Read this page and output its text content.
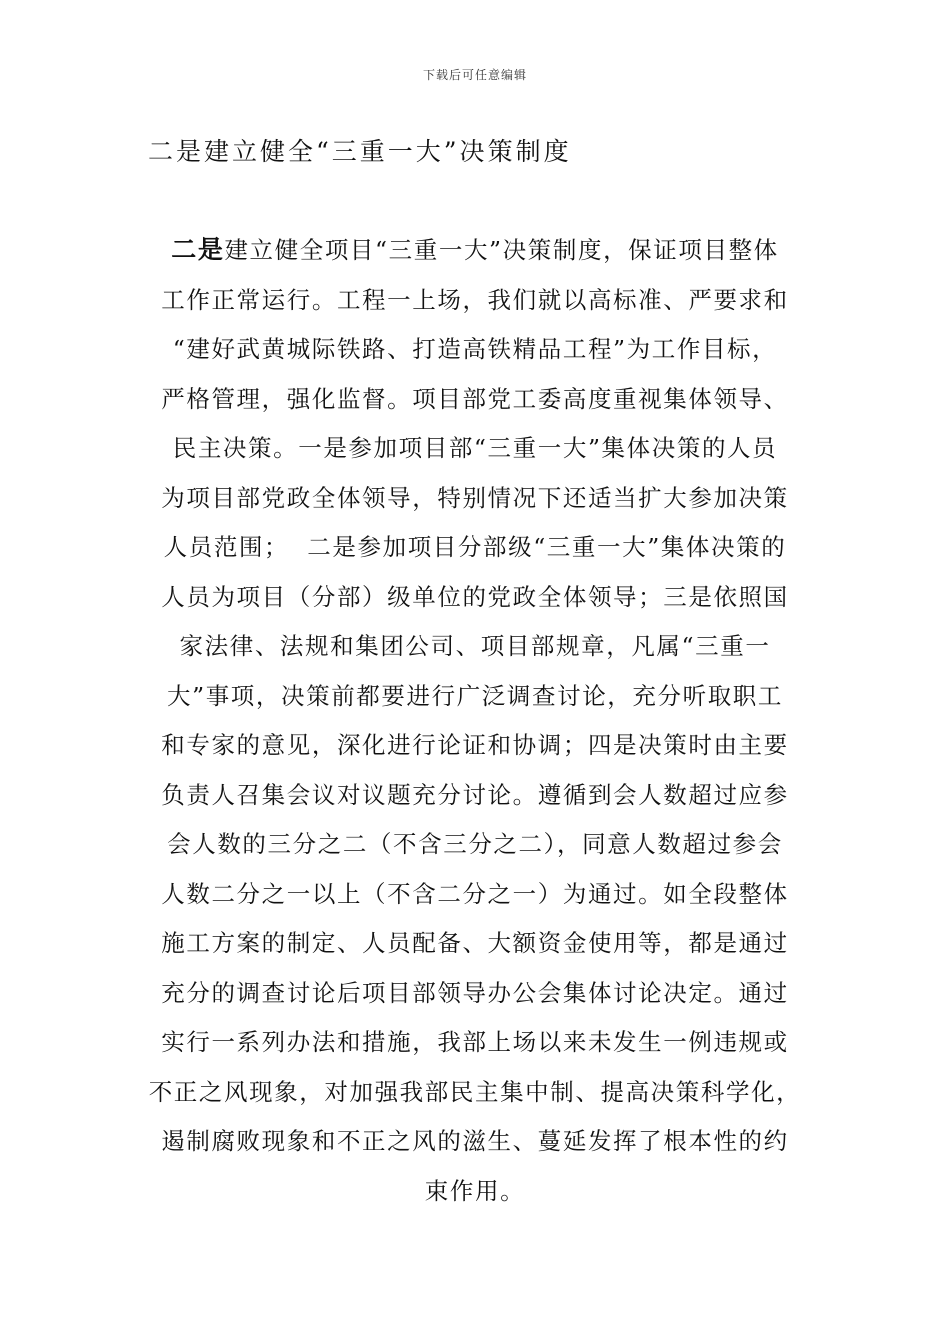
下载后可任意编辑
二是建立健全“三重一大”决策制度
二是建立健全项目“三重一大”决策制度，保证项目整体
工作正常运行。工程一上场，我们就以高标准、严要求和
“建好武黄城际铁路、打造高铁精品工程”为工作目标，
严格管理，强化监督。项目部党工委高度重视集体领导、
民主决策。一是参加项目部“三重一大”集体决策的人员
为项目部党政全体领导，特别情况下还适当扩大参加决策
人员范围；  二是参加项目分部级“三重一大”集体决策的
人员为项目（分部）级单位的党政全体领导；三是依照国
家法律、法规和集团公司、项目部规章，凡属“三重一
大”事项，决策前都要进行广泛调查讨论，充分听取职工
和专家的意见，深化进行论证和协调；四是决策时由主要
负责人召集会议对议题充分讨论。遵循到会人数超过应参
会人数的三分之二（不含三分之二），同意人数超过参会
人数二分之一以上（不含二分之一）为通过。如全段整体
施工方案的制定、人员配备、大额资金使用等，都是通过
充分的调查讨论后项目部领导办公会集体讨论决定。通过
实行一系列办法和措施，我部上场以来未发生一例违规或
不正之风现象，对加强我部民主集中制、提高决策科学化，
遏制腐败现象和不正之风的滋生、蔓延发挥了根本性的约
束作用。
